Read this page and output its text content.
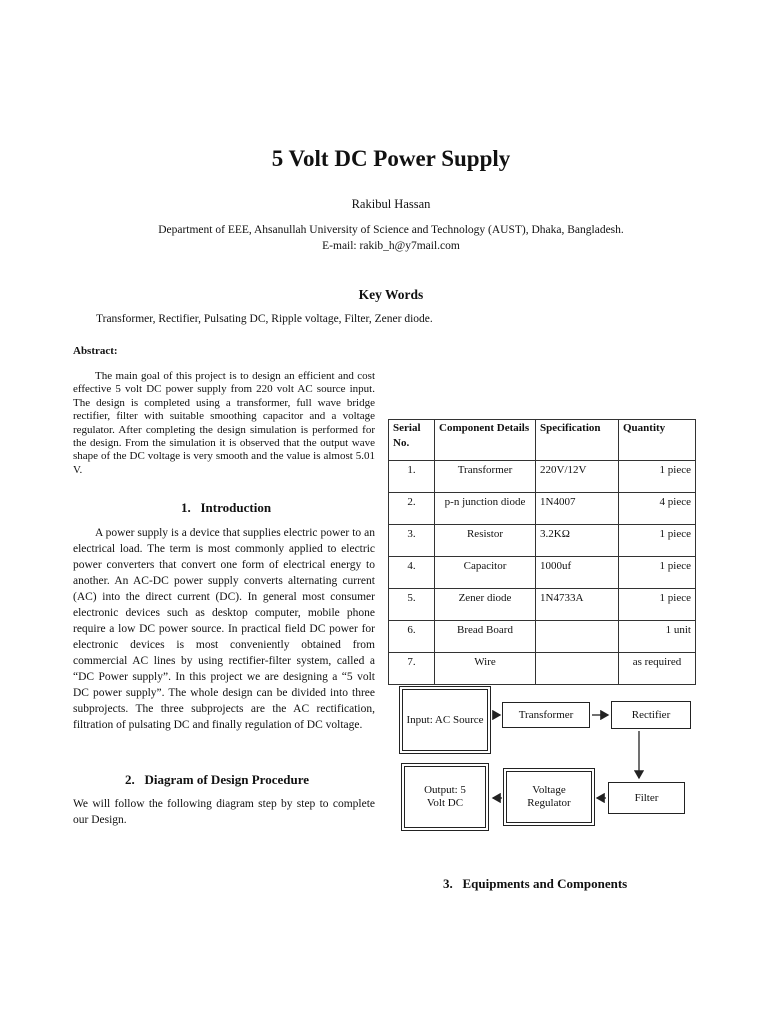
5 Volt DC Power Supply
Rakibul Hassan
Department of EEE, Ahsanullah University of Science and Technology (AUST), Dhaka, Bangladesh.
E-mail: rakib_h@y7mail.com
Key Words
Transformer, Rectifier, Pulsating DC, Ripple voltage, Filter, Zener diode.
Abstract:

The main goal of this project is to design an efficient and cost effective 5 volt DC power supply from 220 volt AC source input. The design is completed using a transformer, full wave bridge rectifier, filter with suitable smoothing capacitor and a voltage regulator. After completing the design simulation is performed for the design. From the simulation it is observed that the output wave shape of the DC voltage is very smooth and the value is almost 5.01 V.

1. Introduction

A power supply is a device that supplies electric power to an electrical load. The term is most commonly applied to electric power converters that convert one form of electrical energy to another. An AC-DC power supply converts alternating current (AC) into the direct current (DC). In general most consumer electronic devices such as desktop computer, mobile phone require a low DC power source. In practical field DC power for electronic devices is most conveniently obtained from commercial AC lines by using rectifier-filter system, called a “DC Power supply”. In this project we are designing a “5 volt DC power supply”. The whole design can be divided into three subprojects. The three subprojects are the AC rectification, filtration of pulsating DC and finally regulation of DC voltage.

2. Diagram of Design Procedure

We will follow the following diagram step by step to complete our Design.

3. Equipments and Components
Serial No.	Component Details	Specification	Quantity
1.	Transformer	220V/12V	1 piece
2.	p-n junction diode	1N4007	4 piece
3.	Resistor	3.2KΩ	1 piece
4.	Capacitor	1000uf	1 piece
5.	Zener diode	1N4733A	1 piece
6.	Bread Board		1 unit
7.	Wire		as required
Input: AC Source	Transformer	Rectifier
Filter
Voltage Regulator
Output: 5 Volt DC
